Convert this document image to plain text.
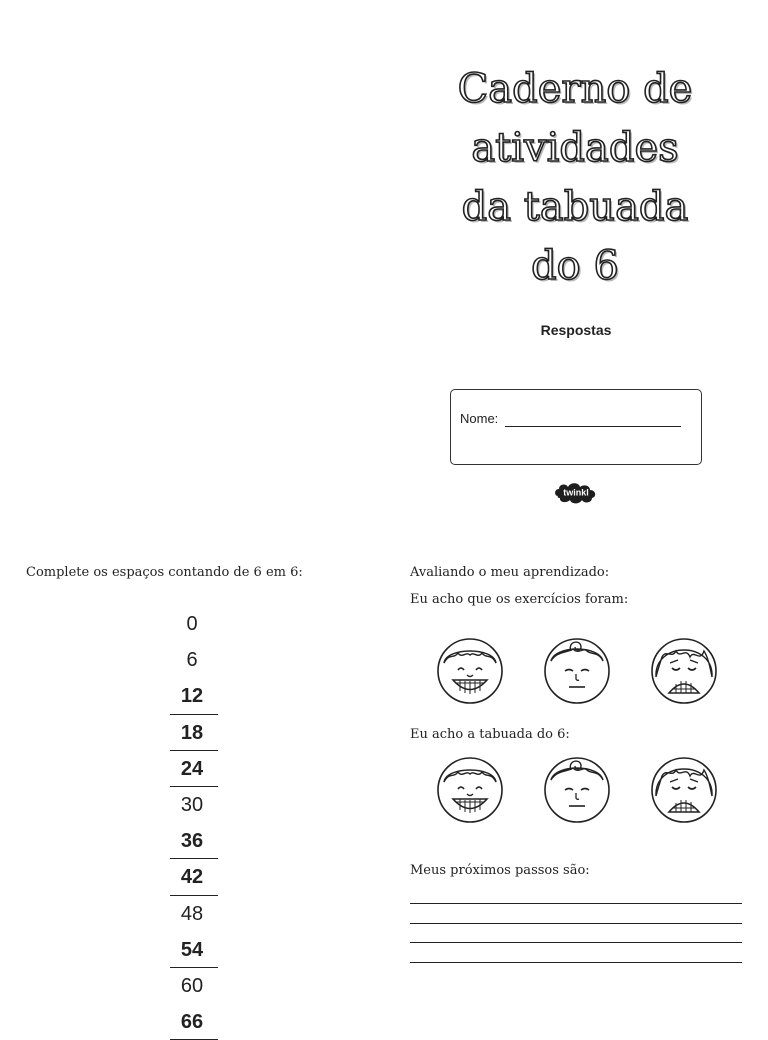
Caderno de
atividades
da tabuada
do 6
Respostas
Nome:
twinkl
Complete os espaços contando de 6 em 6:
0
6
12
18
24
30
36
42
48
54
60
66
Avaliando o meu aprendizado:
Eu acho que os exercícios foram:
Eu acho a tabuada do 6:
Meus próximos passos são:
